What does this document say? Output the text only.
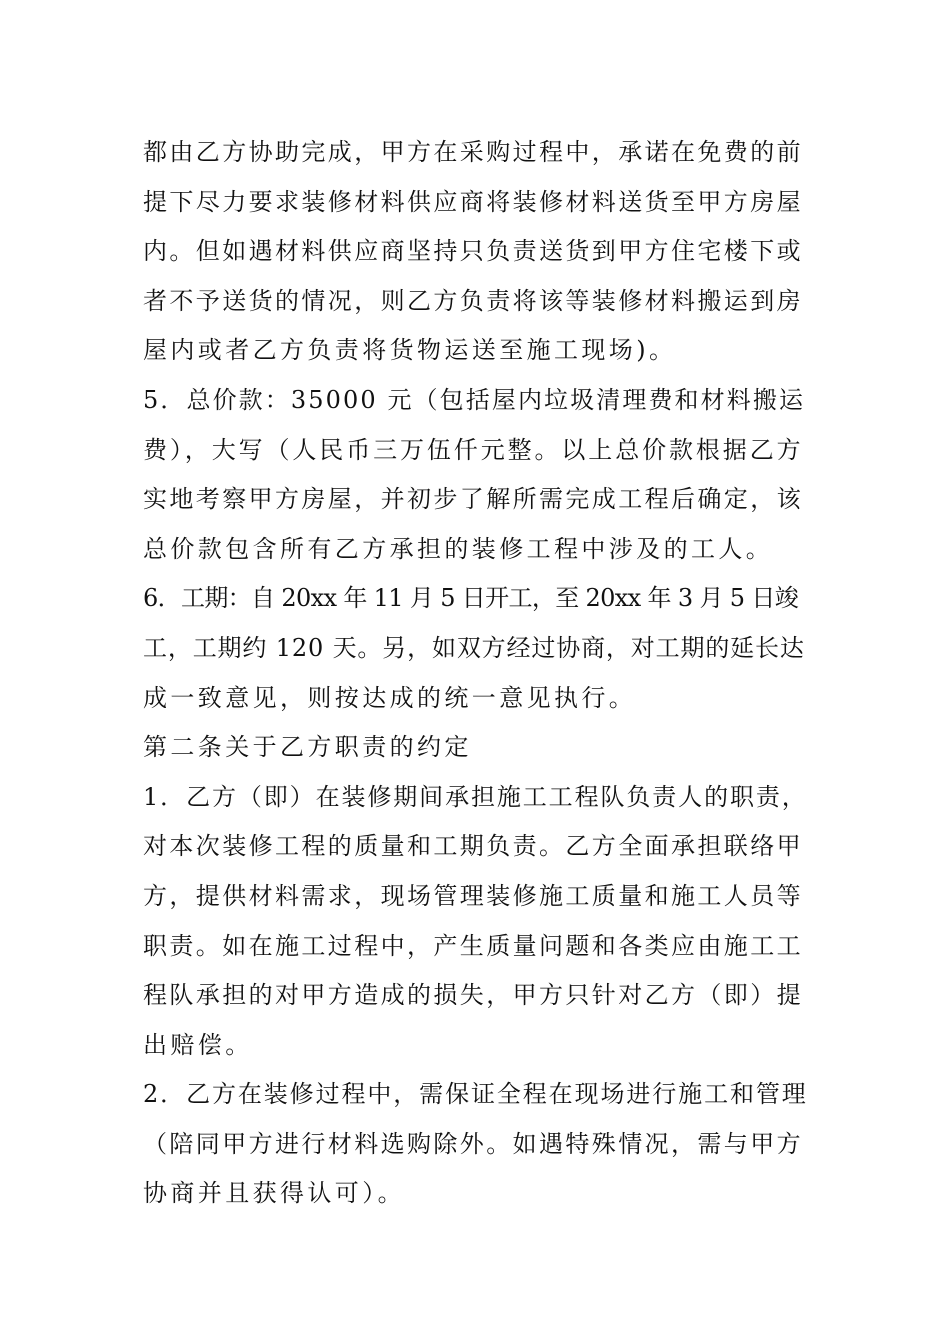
都由乙方协助完成，甲方在采购过程中，承诺在免费的前
提下尽力要求装修材料供应商将装修材料送货至甲方房屋
内。但如遇材料供应商坚持只负责送货到甲方住宅楼下或
者不予送货的情况，则乙方负责将该等装修材料搬运到房
屋内或者乙方负责将货物运送至施工现场)。
5．总价款：35000 元（包括屋内垃圾清理费和材料搬运
费），大写（人民币三万伍仟元整。以上总价款根据乙方
实地考察甲方房屋，并初步了解所需完成工程后确定，该
总价款包含所有乙方承担的装修工程中涉及的工人。
6．工期：自 20xx 年 11 月 5 日开工，至 20xx 年 3 月 5 日竣
工，工期约 120 天。另，如双方经过协商，对工期的延长达
成一致意见，则按达成的统一意见执行。
第二条关于乙方职责的约定
1．乙方（即）在装修期间承担施工工程队负责人的职责，
对本次装修工程的质量和工期负责。乙方全面承担联络甲
方，提供材料需求，现场管理装修施工质量和施工人员等
职责。如在施工过程中，产生质量问题和各类应由施工工
程队承担的对甲方造成的损失，甲方只针对乙方（即）提
出赔偿。
2．乙方在装修过程中，需保证全程在现场进行施工和管理
（陪同甲方进行材料选购除外。如遇特殊情况，需与甲方
协商并且获得认可）。
